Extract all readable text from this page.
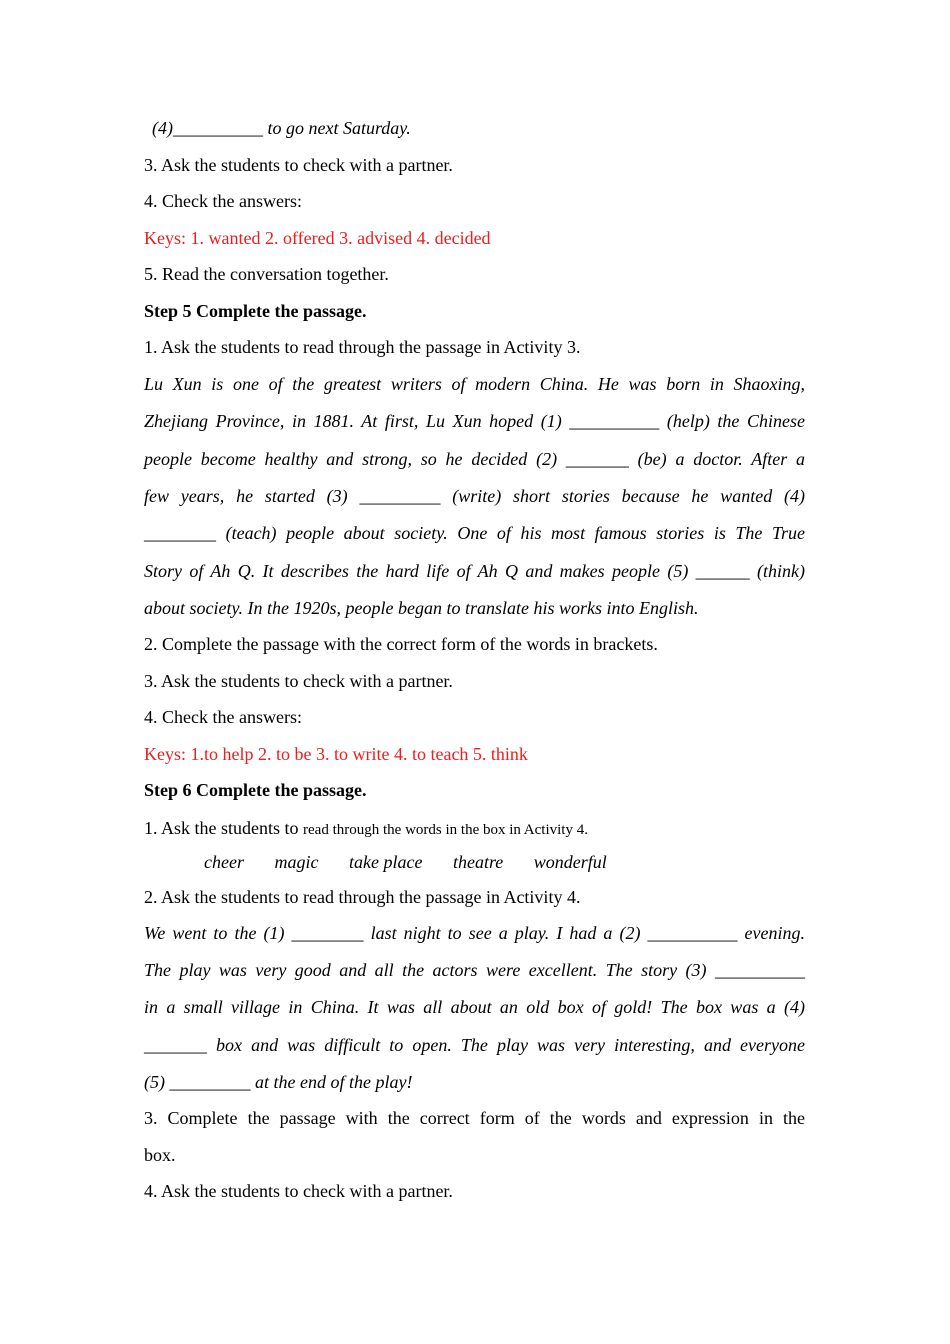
(4)__________ to go next Saturday.
3. Ask the students to check with a partner.
4. Check the answers:
Keys: 1. wanted 2. offered 3. advised 4. decided
5. Read the conversation together.
Step 5 Complete the passage.
1. Ask the students to read through the passage in Activity 3.
Lu Xun is one of the greatest writers of modern China. He was born in Shaoxing,
Zhejiang Province, in 1881. At first, Lu Xun hoped (1) __________ (help) the Chinese
people become healthy and strong, so he decided (2) _______ (be) a doctor. After a
few years, he started (3) _________ (write) short stories because he wanted (4)
________ (teach) people about society. One of his most famous stories is The True
Story of Ah Q. It describes the hard life of Ah Q and makes people (5) ______ (think)
about society. In the 1920s, people began to translate his works into English.
2. Complete the passage with the correct form of the words in brackets.
3. Ask the students to check with a partner.
4. Check the answers:
Keys: 1.to help 2. to be 3. to write 4. to teach 5. think
Step 6 Complete the passage.
1. Ask the students to read through the words in the box in Activity 4.
cheer magic take place theatre wonderful
2. Ask the students to read through the passage in Activity 4.
We went to the (1) ________ last night to see a play. I had a (2) __________ evening.
The play was very good and all the actors were excellent. The story (3) __________
in a small village in China. It was all about an old box of gold! The box was a (4)
_______ box and was difficult to open. The play was very interesting, and everyone
(5) _________ at the end of the play!
3. Complete the passage with the correct form of the words and expression in the
box.
4. Ask the students to check with a partner.
